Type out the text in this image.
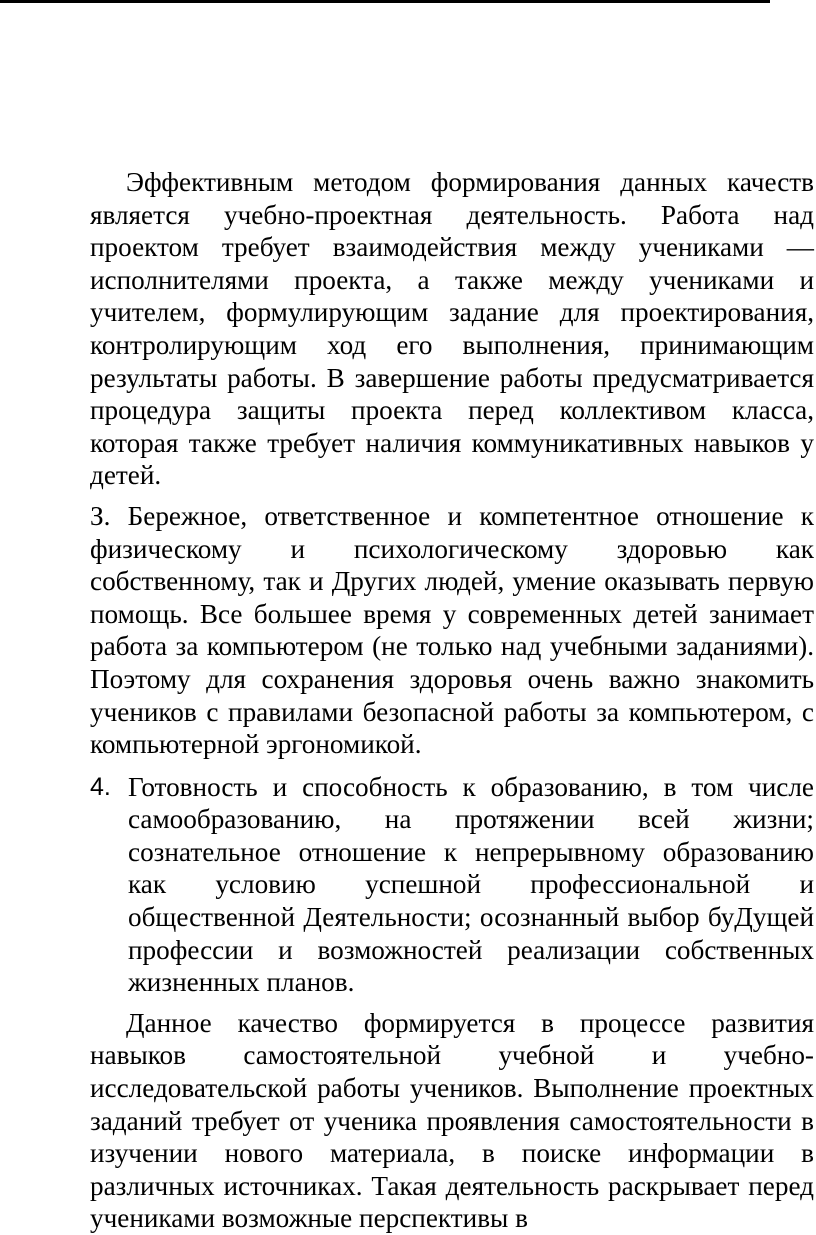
Эффективным методом формирования данных качеств является учебно-проектная деятельность. Работа над проектом требует взаимодействия между учениками — исполнителями проекта, а также между учениками и учителем, формулирующим задание для проектирования, контролирующим ход его выполнения, принимающим результаты работы. В завершение работы предусматривается процедура защиты проекта перед коллективом класса, которая также требует наличия коммуникативных навыков у детей.

З. Бережное, ответственное и компетентное отношение к физическому и психологическому здоровью как собственному, так и Других людей, умение оказывать первую помощь. Все большее время у современных детей занимает работа за компьютером (не только над учебными заданиями). Поэтому для сохранения здоровья очень важно знакомить учеников с правилами безопасной работы за компьютером, с компьютерной эргономикой.

4. Готовность и способность к образованию, в том числе самообразованию, на протяжении всей жизни; сознательное отношение к непрерывному образованию как условию успешной профессиональной и общественной Деятельности; осознанный выбор буДущей профессии и возможностей реализации собственных жизненных планов.

Данное качество формируется в процессе развития навыков самостоятельной учебной и учебно-исследовательской работы учеников. Выполнение проектных заданий требует от ученика проявления самостоятельности в изучении нового материала, в поиске информации в различных источниках. Такая деятельность раскрывает перед учениками возможные перспективы в
